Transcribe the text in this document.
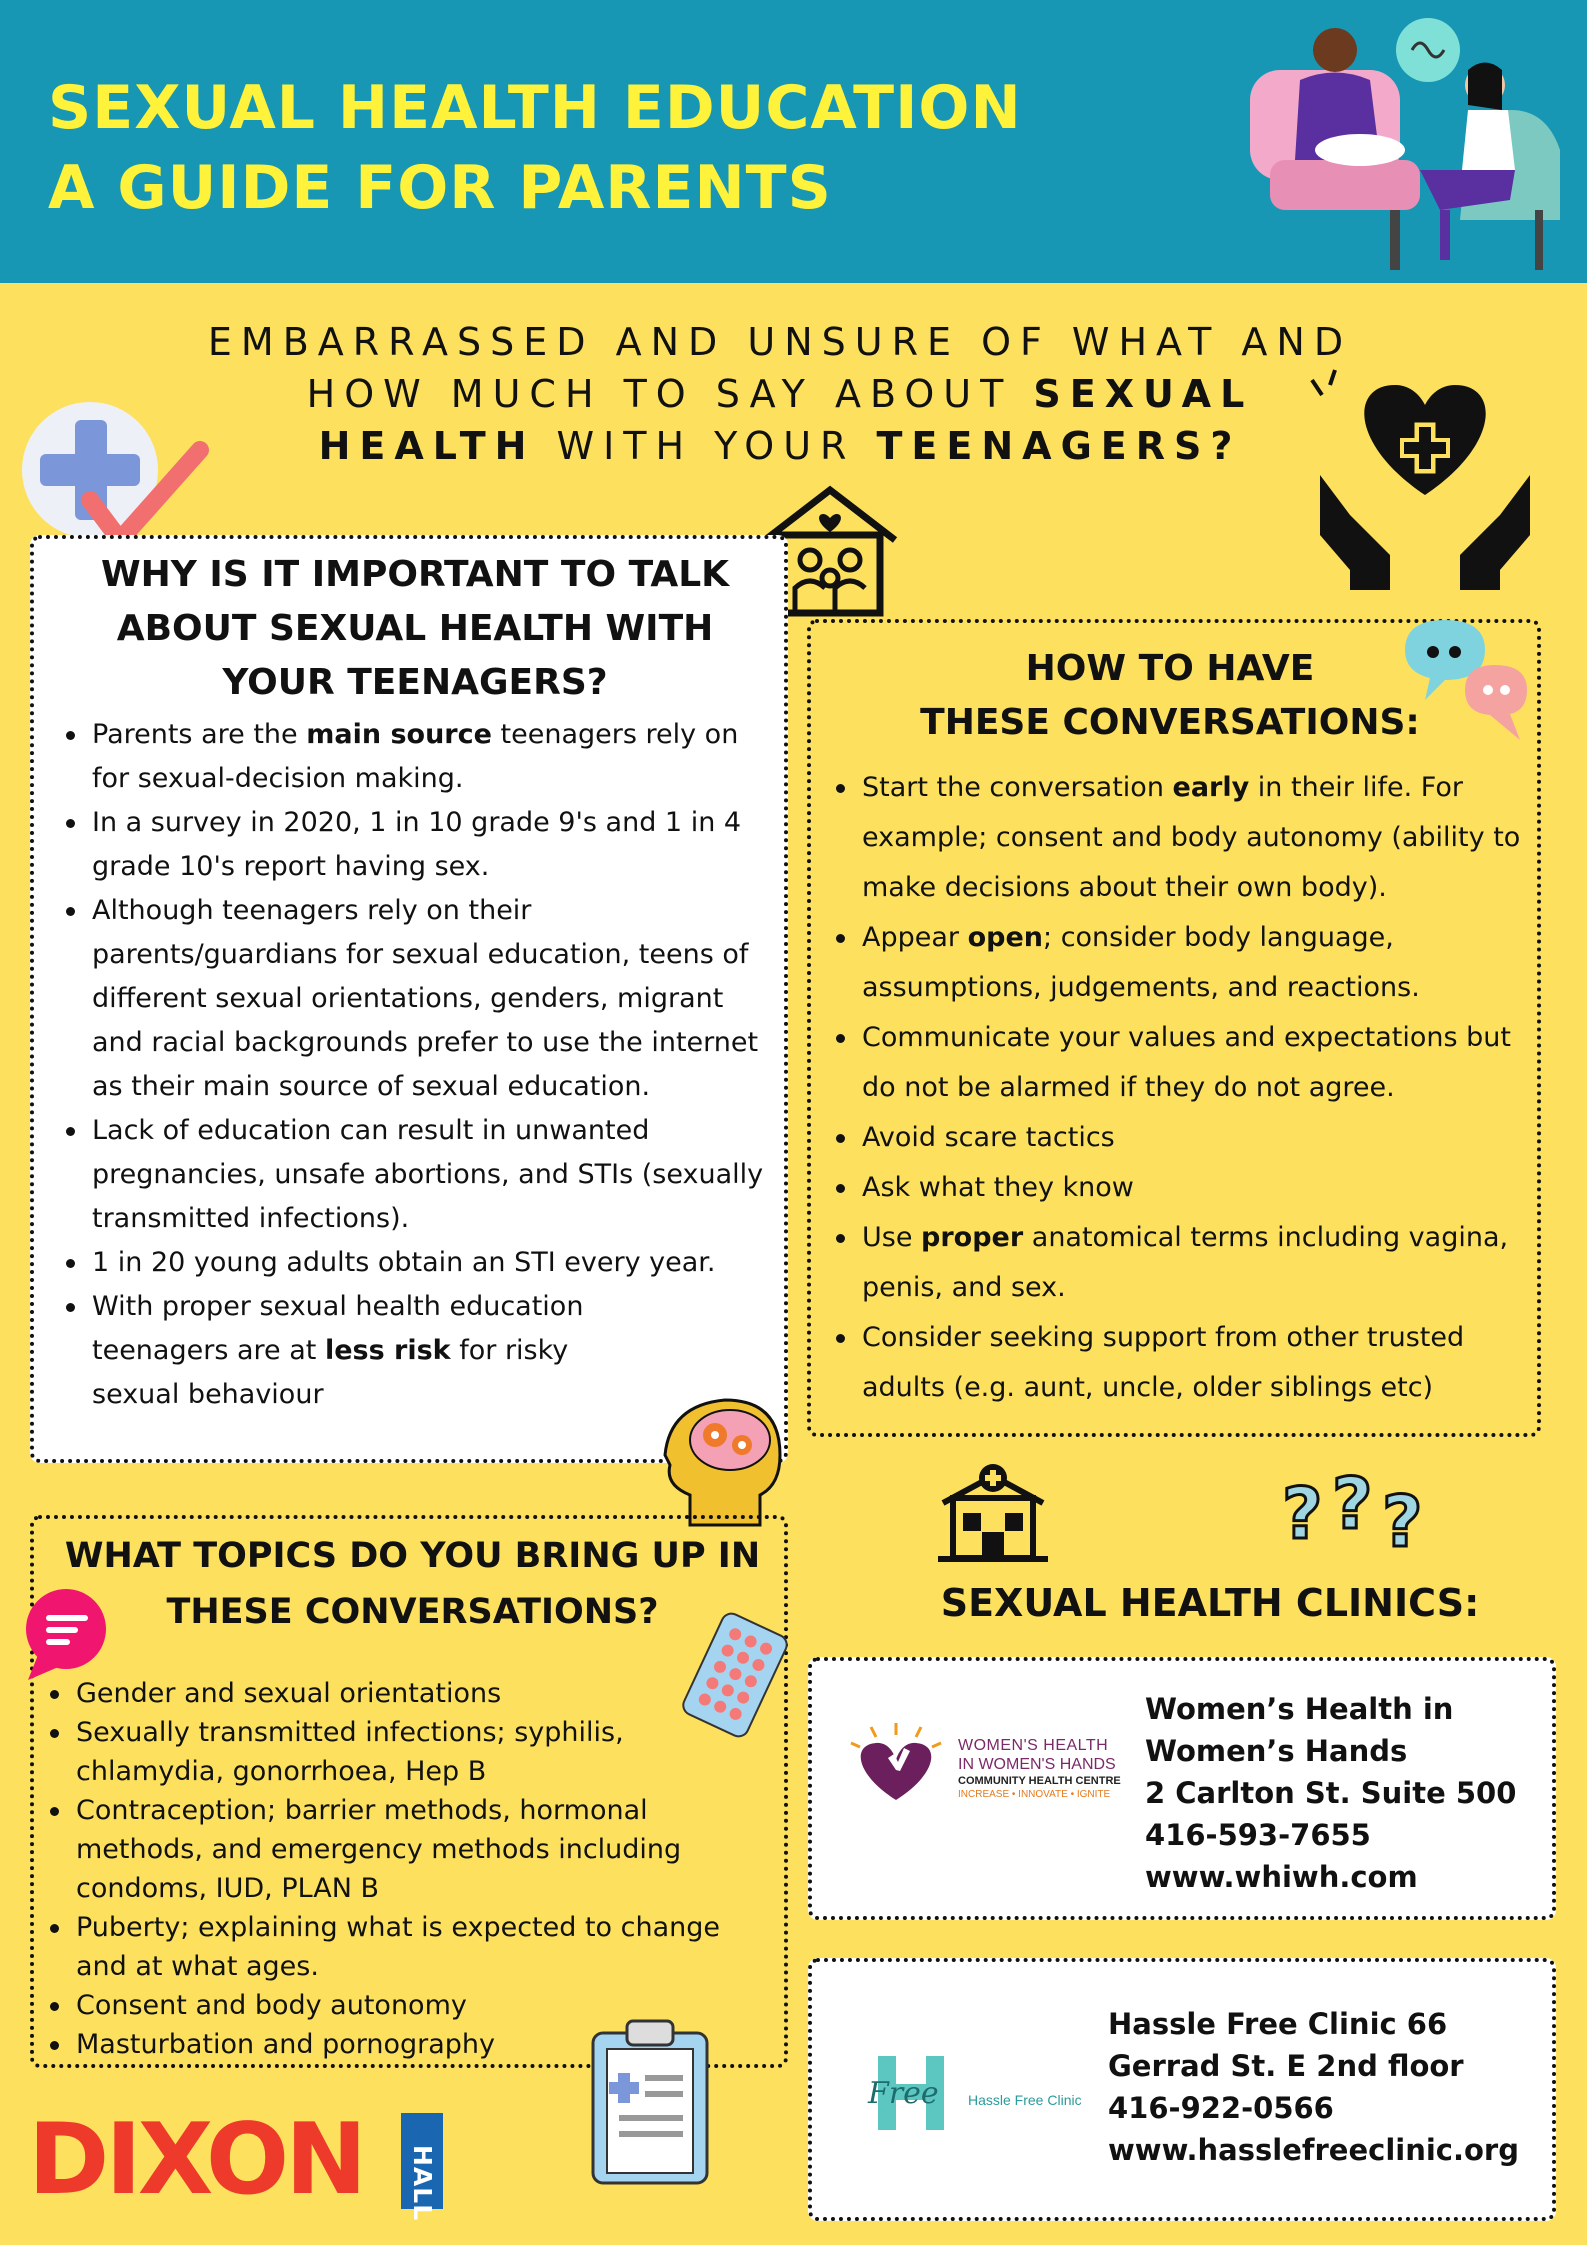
SEXUAL HEALTH EDUCATION
A GUIDE FOR PARENTS
EMBARRASSED AND UNSURE OF WHAT AND
HOW MUCH TO SAY ABOUT SEXUAL
HEALTH WITH YOUR TEENAGERS?
WHY IS IT IMPORTANT TO TALK
ABOUT SEXUAL HEALTH WITH
YOUR TEENAGERS?
Parents are the main source teenagers rely on for sexual-decision making.
In a survey in 2020, 1 in 10 grade 9's and 1 in 4 grade 10's report having sex.
Although teenagers rely on their parents/guardians for sexual education, teens of different sexual orientations, genders, migrant and racial backgrounds prefer to use the internet as their main source of sexual education.
Lack of education can result in unwanted pregnancies, unsafe abortions, and STIs (sexually transmitted infections).
1 in 20 young adults obtain an STI every year.
With proper sexual health education teenagers are at less risk for risky sexual behaviour
HOW TO HAVE
THESE CONVERSATIONS:
Start the conversation early in their life. For example; consent and body autonomy (ability to make decisions about their own body).
Appear open; consider body language, assumptions, judgements, and reactions.
Communicate your values and expectations but do not be alarmed if they do not agree.
Avoid scare tactics
Ask what they know
Use proper anatomical terms including vagina, penis, and sex.
Consider seeking support from other trusted adults (e.g. aunt, uncle, older siblings etc)
WHAT TOPICS DO YOU BRING UP IN
THESE CONVERSATIONS?
Gender and sexual orientations
Sexually transmitted infections; syphilis, chlamydia, gonorrhoea, Hep B
Contraception; barrier methods, hormonal methods, and emergency methods including condoms, IUD, PLAN B
Puberty; explaining what is expected to change and at what ages.
Consent and body autonomy
Masturbation and pornography
? ? ?
SEXUAL HEALTH CLINICS:
WOMEN'S HEALTH
IN WOMEN'S HANDS
COMMUNITY HEALTH CENTRE
INCREASE • INNOVATE • IGNITE
Women’s Health in
Women’s Hands
2 Carlton St. Suite 500
416-593-7655
www.whiwh.com
Free Hassle Free Clinic
Hassle Free Clinic 66
Gerrad St. E 2nd floor
416-922-0566
www.hasslefreeclinic.org
DIXON HALL
